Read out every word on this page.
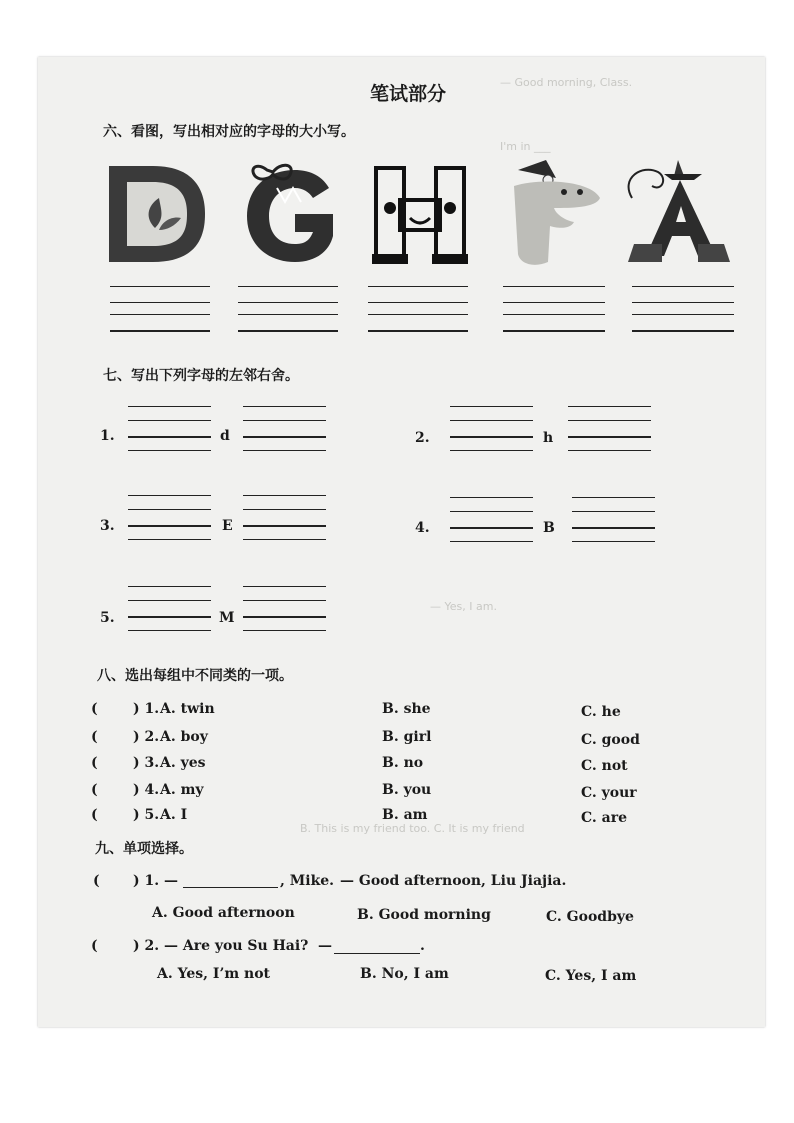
— Good morning, Class.
I'm in ___
— Yes, I am.
B. This is my friend too. C. It is my friend
笔试部分
六、看图，写出相对应的字母的大小写。
七、写出下列字母的左邻右舍。
1.	d	2.	h
3.	E	4.	B
5.	M
八、选出每组中不同类的一项。
(	) 1. A. twin	B. she	C. he
(	) 2. A. boy	B. girl	C. good
(	) 3. A. yes	B. no	C. not
(	) 4. A. my	B. you	C. your
(	) 5. A. I	B. am	C. are
九、单项选择。
( ) 1. —	, Mike. — Good afternoon, Liu Jiajia.
A. Good afternoon	B. Good morning	C. Goodbye
(	) 2. — Are you Su Hai? —	.
A. Yes, I’m not	B. No, I am	C. Yes, I am
